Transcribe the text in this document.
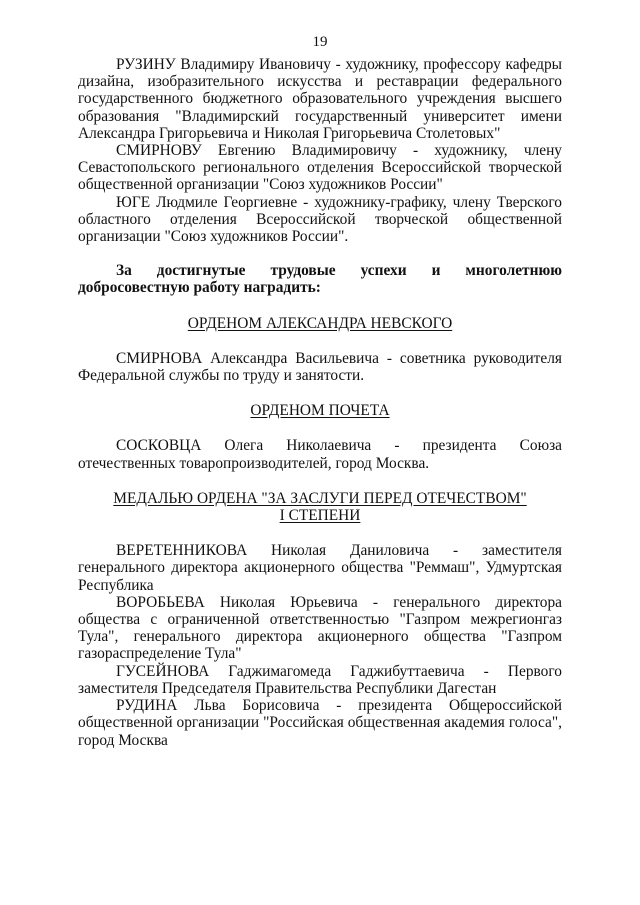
19

РУЗИНУ Владимиру Ивановичу - художнику, профессору кафедры дизайна, изобразительного искусства и реставрации федерального государственного бюджетного образовательного учреждения высшего образования "Владимирский государственный университет имени Александра Григорьевича и Николая Григорьевича Столетовых"

СМИРНОВУ Евгению Владимировичу - художнику, члену Севастопольского регионального отделения Всероссийской творческой общественной организации "Союз художников России"

ЮГЕ Людмиле Георгиевне - художнику-графику, члену Тверского областного отделения Всероссийской творческой общественной организации "Союз художников России".

За достигнутые трудовые успехи и многолетнюю добросовестную работу наградить:

ОРДЕНОМ АЛЕКСАНДРА НЕВСКОГО

СМИРНОВА Александра Васильевича - советника руководителя Федеральной службы по труду и занятости.

ОРДЕНОМ ПОЧЕТА

СОСКОВЦА Олега Николаевича - президента Союза отечественных товаропроизводителей, город Москва.

МЕДАЛЬЮ ОРДЕНА "ЗА ЗАСЛУГИ ПЕРЕД ОТЕЧЕСТВОМ"

I СТЕПЕНИ

ВЕРЕТЕННИКОВА Николая Даниловича - заместителя генерального директора акционерного общества "Реммаш", Удмуртская Республика

ВОРОБЬЕВА Николая Юрьевича - генерального директора общества с ограниченной ответственностью "Газпром межрегионгаз Тула", генерального директора акционерного общества "Газпром газораспределение Тула"

ГУСЕЙНОВА Гаджимагомеда Гаджибуттаевича - Первого заместителя Председателя Правительства Республики Дагестан

РУДИНА Льва Борисовича - президента Общероссийской общественной организации "Российская общественная академия голоса", город Москва
